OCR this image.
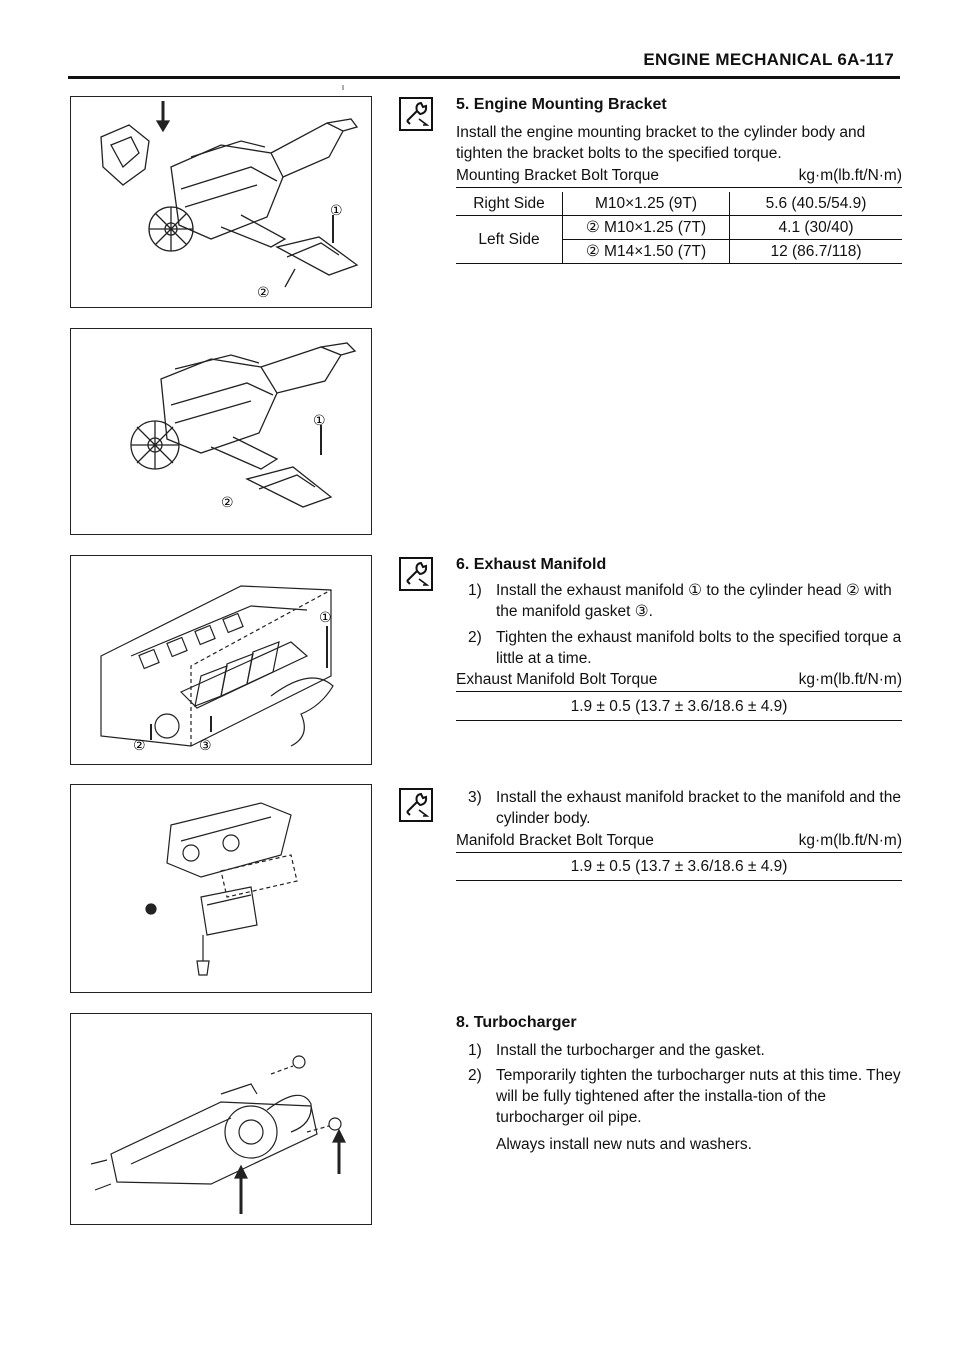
ENGINE MECHANICAL 6A-117
ι
①
②
①
②
①
②	③
5. Engine Mounting Bracket
Install the engine mounting bracket to the cylinder body and tighten the bracket bolts to the specified torque.
Mounting Bracket Bolt Torque	kg·m(lb.ft/N·m)
Right Side	M10×1.25 (9T)	5.6 (40.5/54.9)
Left Side	② M10×1.25 (7T)	4.1 (30/40)
	② M14×1.50 (7T)	12 (86.7/118)
6. Exhaust Manifold
1) Install the exhaust manifold ① to the cylinder head ② with the manifold gasket ③.
2) Tighten the exhaust manifold bolts to the specified torque a little at a time.
Exhaust Manifold Bolt Torque	kg·m(lb.ft/N·m)
1.9 ± 0.5 (13.7 ± 3.6/18.6 ± 4.9)
3) Install the exhaust manifold bracket to the manifold and the cylinder body.
Manifold Bracket Bolt Torque	kg·m(lb.ft/N·m)
1.9 ± 0.5 (13.7 ± 3.6/18.6 ± 4.9)
8. Turbocharger
1) Install the turbocharger and the gasket.
2) Temporarily tighten the turbocharger nuts at this time. They will be fully tightened after the installa-tion of the turbocharger oil pipe.
Always install new nuts and washers.
